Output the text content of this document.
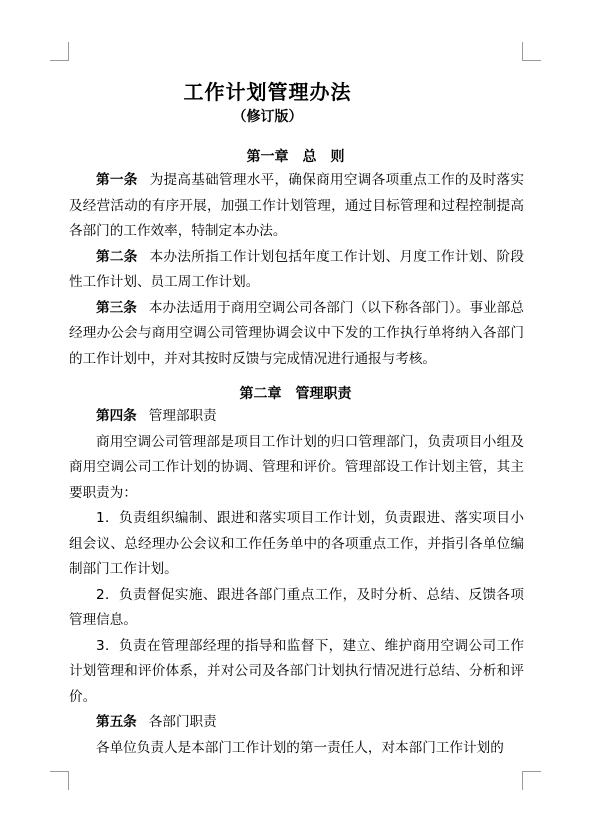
工作计划管理办法
（修订版）
第一章　总　则

第一条 为提高基础管理水平，确保商用空调各项重点工作的及时落实及经营活动的有序开展，加强工作计划管理，通过目标管理和过程控制提高各部门的工作效率，特制定本办法。

第二条 本办法所指工作计划包括年度工作计划、月度工作计划、阶段性工作计划、员工周工作计划。

第三条 本办法适用于商用空调公司各部门（以下称各部门）。事业部总经理办公会与商用空调公司管理协调会议中下发的工作执行单将纳入各部门的工作计划中，并对其按时反馈与完成情况进行通报与考核。

第二章　管理职责

第四条 管理部职责

商用空调公司管理部是项目工作计划的归口管理部门，负责项目小组及商用空调公司工作计划的协调、管理和评价。管理部设工作计划主管，其主要职责为：

1．负责组织编制、跟进和落实项目工作计划，负责跟进、落实项目小组会议、总经理办公会议和工作任务单中的各项重点工作，并指引各单位编制部门工作计划。

2．负责督促实施、跟进各部门重点工作，及时分析、总结、反馈各项管理信息。

3．负责在管理部经理的指导和监督下，建立、维护商用空调公司工作计划管理和评价体系，并对公司及各部门计划执行情况进行总结、分析和评价。

第五条 各部门职责

各单位负责人是本部门工作计划的第一责任人，对本部门工作计划的
